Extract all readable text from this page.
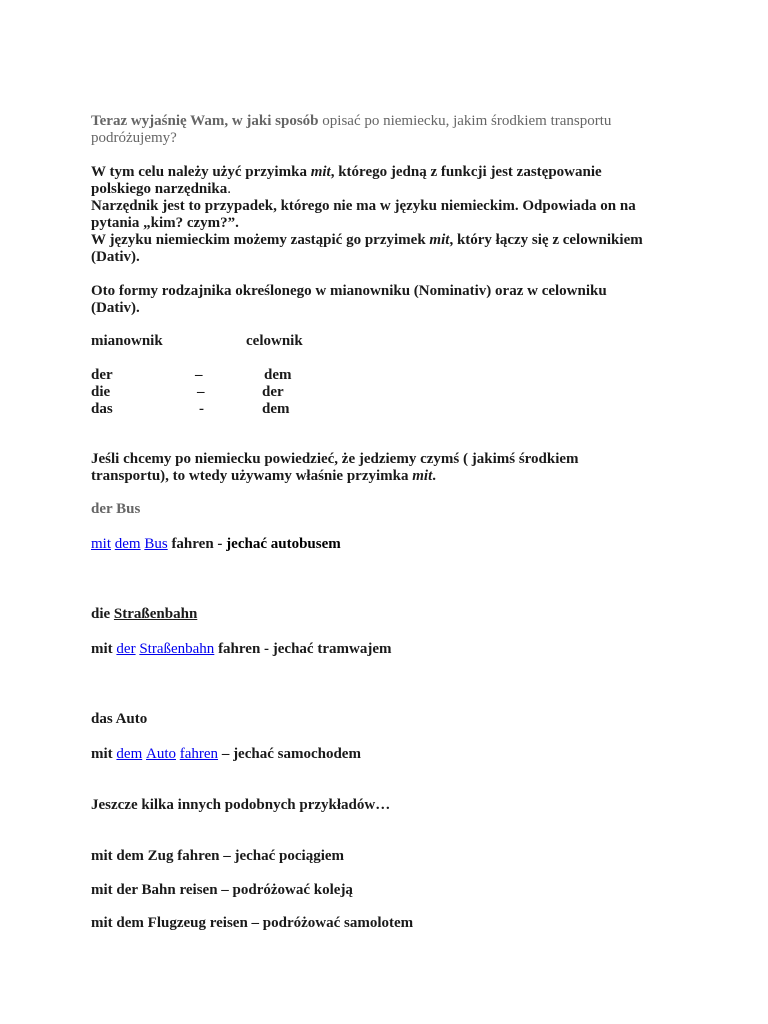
Teraz wyjaśnię Wam, w jaki sposób opisać po niemiecku, jakim środkiem transportu
podróżujemy?
W tym celu należy użyć przyimka mit, którego jedną z funkcji jest zastępowanie
polskiego narzędnika.
Narzędnik jest to przypadek, którego nie ma w języku niemieckim. Odpowiada on na
pytania „kim? czym?”.
W języku niemieckim możemy zastąpić go przyimek mit, który łączy się z celownikiem
(Dativ).
Oto formy rodzajnika określonego w mianowniku (Nominativ) oraz w celowniku
(Dativ).
mianownik	celownik
der	–	dem
die	–	der
das	-	dem
Jeśli chcemy po niemiecku powiedzieć, że jedziemy czymś ( jakimś środkiem
transportu), to wtedy używamy właśnie przyimka mit.
der Bus
mit dem Bus fahren - jechać autobusem
die Straßenbahn
mit der Straßenbahn fahren - jechać tramwajem
das Auto
mit dem Auto fahren – jechać samochodem
Jeszcze kilka innych podobnych przykładów…
mit dem Zug fahren – jechać pociągiem
mit der Bahn reisen – podróżować koleją
mit dem Flugzeug reisen – podróżować samolotem
